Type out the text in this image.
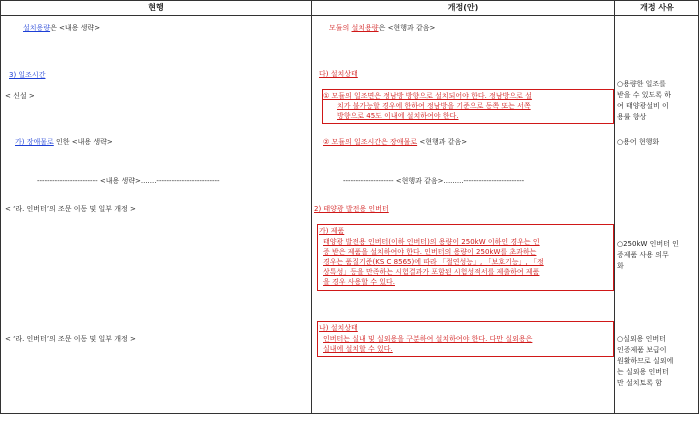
현행	개정(안)	개정 사유
설치용량은 <내용 생략>
3) 일조시간
< 신설 >
가) 장애물로 인한 <내용 생략>
------------------------ <내용 생략>.......-------------------------
< ‘라. 인버터’의 조문 이동 및 일부 개정 >
< ‘라. 인버터’의 조문 이동 및 일부 개정 >
모듈의 설치용량은 <현행과 같음>
다) 설치상태
① 모듈의 일조면은 정남방 방향으로 설치되어야 한다. 정남방으로 설
치가 불가능할 경우에 한하여 정남방을 기준으로 동쪽 또는 서쪽
방향으로 45도 이내에 설치하여야 한다.
② 모듈의 일조시간은 장애물로 <현행과 같음>
-------------------- <현행과 같음>.........------------------------
2) 태양광 발전용 인버터
가) 제품
태양광 발전용 인버터(이하 인버터)의 용량이 250kW 이하인 경우는 인
증 받은 제품을 설치하여야 한다. 인버터의 용량이 250kW를 초과하는
경우는 품질기준(KS C 8565)에 따라 「절연성능」, 「보호기능」, 「정
상특성」등을 만족하는 시험결과가 포함된 시험성적서를 제출하여 제품
을 경우 사용할 수 있다.
나) 설치상태
인버터는 실내 및 실외용을 구분하여 설치하여야 한다. 다만 실외용은
실내에 설치할 수 있다.
○용량한 일조를
받을 수 있도록 하
여 태양광설비 이
용률 향상
○용어 현행화
○250kW 인버터 인
증제품 사용 의무
화
○실외용 인버터
인증제품 보급이
원활하므로 실외에
는 실외용 인버터
만 설치토록 함
